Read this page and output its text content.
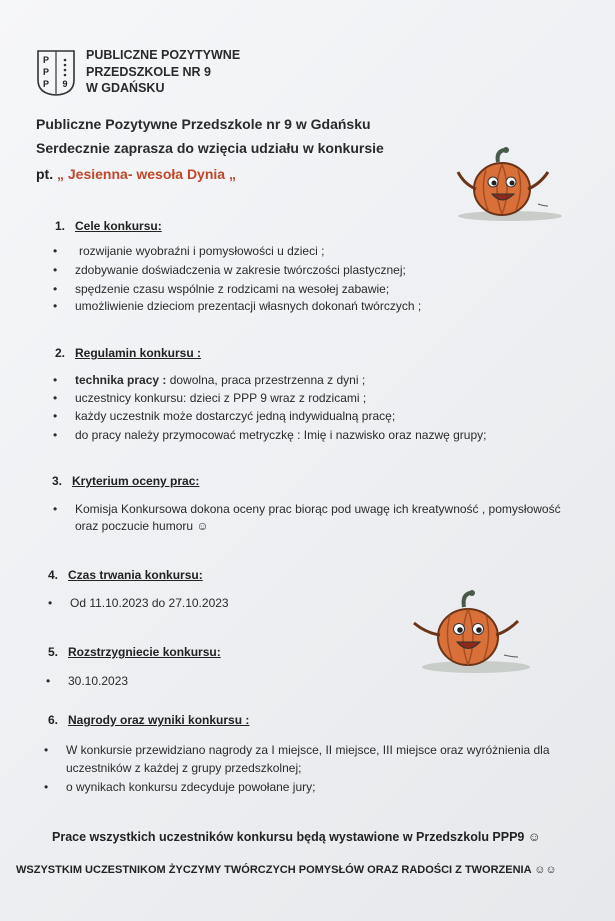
P
P
P 9
PUBLICZNE POZYTYWNE
PRZEDSZKOLE NR 9
W GDAŃSKU
Publiczne Pozytywne Przedszkole nr 9 w Gdańsku
Serdecznie zaprasza do wzięcia udziału w konkursie
pt. „ Jesienna- wesoła Dynia „
1. Cele konkursu:
• rozwijanie wyobraźni i pomysłowości u dzieci ;
• zdobywanie doświadczenia w zakresie twórczości plastycznej;
• spędzenie czasu wspólnie z rodzicami na wesołej zabawie;
• umożliwienie dzieciom prezentacji własnych dokonań twórczych ;
2. Regulamin konkursu :
• technika pracy : dowolna, praca przestrzenna z dyni ;
• uczestnicy konkursu: dzieci z PPP 9 wraz z rodzicami ;
• każdy uczestnik może dostarczyć jedną indywidualną pracę;
• do pracy należy przymocować metryczkę : Imię i nazwisko oraz nazwę grupy;
3. Kryterium oceny prac:
• Komisja Konkursowa dokona oceny prac biorąc pod uwagę ich kreatywność , pomysłowość
oraz poczucie humoru ☺
4. Czas trwania konkursu:
• Od 11.10.2023 do 27.10.2023
5. Rozstrzygniecie konkursu:
• 30.10.2023
6. Nagrody oraz wyniki konkursu :
• W konkursie przewidziano nagrody za I miejsce, II miejsce, III miejsce oraz wyróżnienia dla
uczestników z każdej z grupy przedszkolnej;
• o wynikach konkursu zdecyduje powołane jury;
Prace wszystkich uczestników konkursu będą wystawione w Przedszkolu PPP9 ☺
WSZYSTKIM UCZESTNIKOM ŻYCZYMY TWÓRCZYCH POMYSŁÓW ORAZ RADOŚCI Z TWORZENIA ☺☺
